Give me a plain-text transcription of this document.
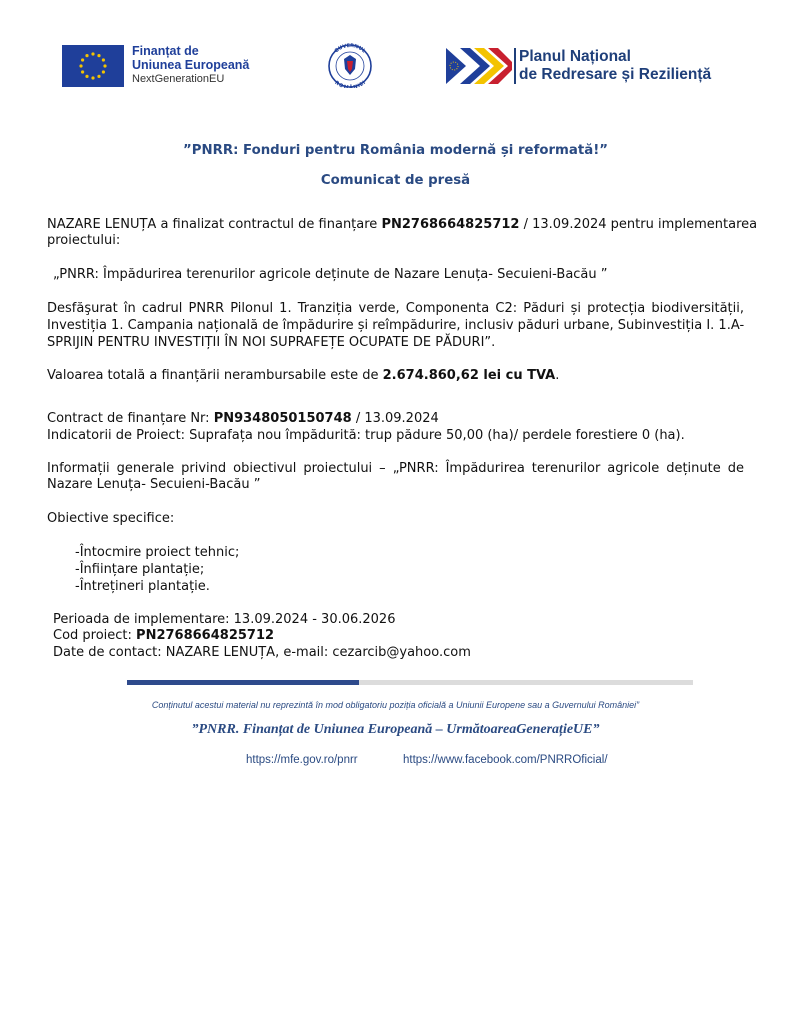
Finanțat de
Uniunea Europeană
NextGenerationEU
GUVERNUL
ROMÂNIEI
Planul Național
de Redresare și Reziliență
”PNRR: Fonduri pentru România modernă și reformată!”
Comunicat de presă
NAZARE LENUȚA a finalizat contractul de finanțare PN2768664825712 / 13.09.2024 pentru implementarea
proiectului:
„PNRR: Împădurirea terenurilor agricole deținute de Nazare Lenuța- Secuieni-Bacău ”
Desfăşurat în cadrul PNRR Pilonul 1. Tranziția verde, Componenta C2: Păduri și protecția biodiversității,
Investiția 1. Campania națională de împădurire și reîmpădurire, inclusiv păduri urbane, Subinvestiția I. 1.A-
SPRIJIN PENTRU INVESTIȚII ÎN NOI SUPRAFEȚE OCUPATE DE PĂDURI”.
Valoarea totală a finanțării nerambursabile este de 2.674.860,62 lei cu TVA.
Contract de finanțare Nr: PN9348050150748 / 13.09.2024
Indicatorii de Proiect: Suprafața nou împădurită: trup pădure 50,00 (ha)/ perdele forestiere 0 (ha).
Informații generale privind obiectivul proiectului – „PNRR: Împădurirea terenurilor agricole deținute de
Nazare Lenuța- Secuieni-Bacău ”
Obiective specifice:
-Întocmire proiect tehnic;
-Înființare plantație;
-Întrețineri plantație.
Perioada de implementare: 13.09.2024 - 30.06.2026
Cod proiect: PN2768664825712
Date de contact: NAZARE LENUȚA, e-mail: cezarcib@yahoo.com
Conținutul acestui material nu reprezintă în mod obligatoriu poziția oficială a Uniunii Europene sau a Guvernului României”
”PNRR. Finanțat de Uniunea Europeană – UrmătoareaGenerațieUE”
https://mfe.gov.ro/pnrr	https://www.facebook.com/PNRROficial/
